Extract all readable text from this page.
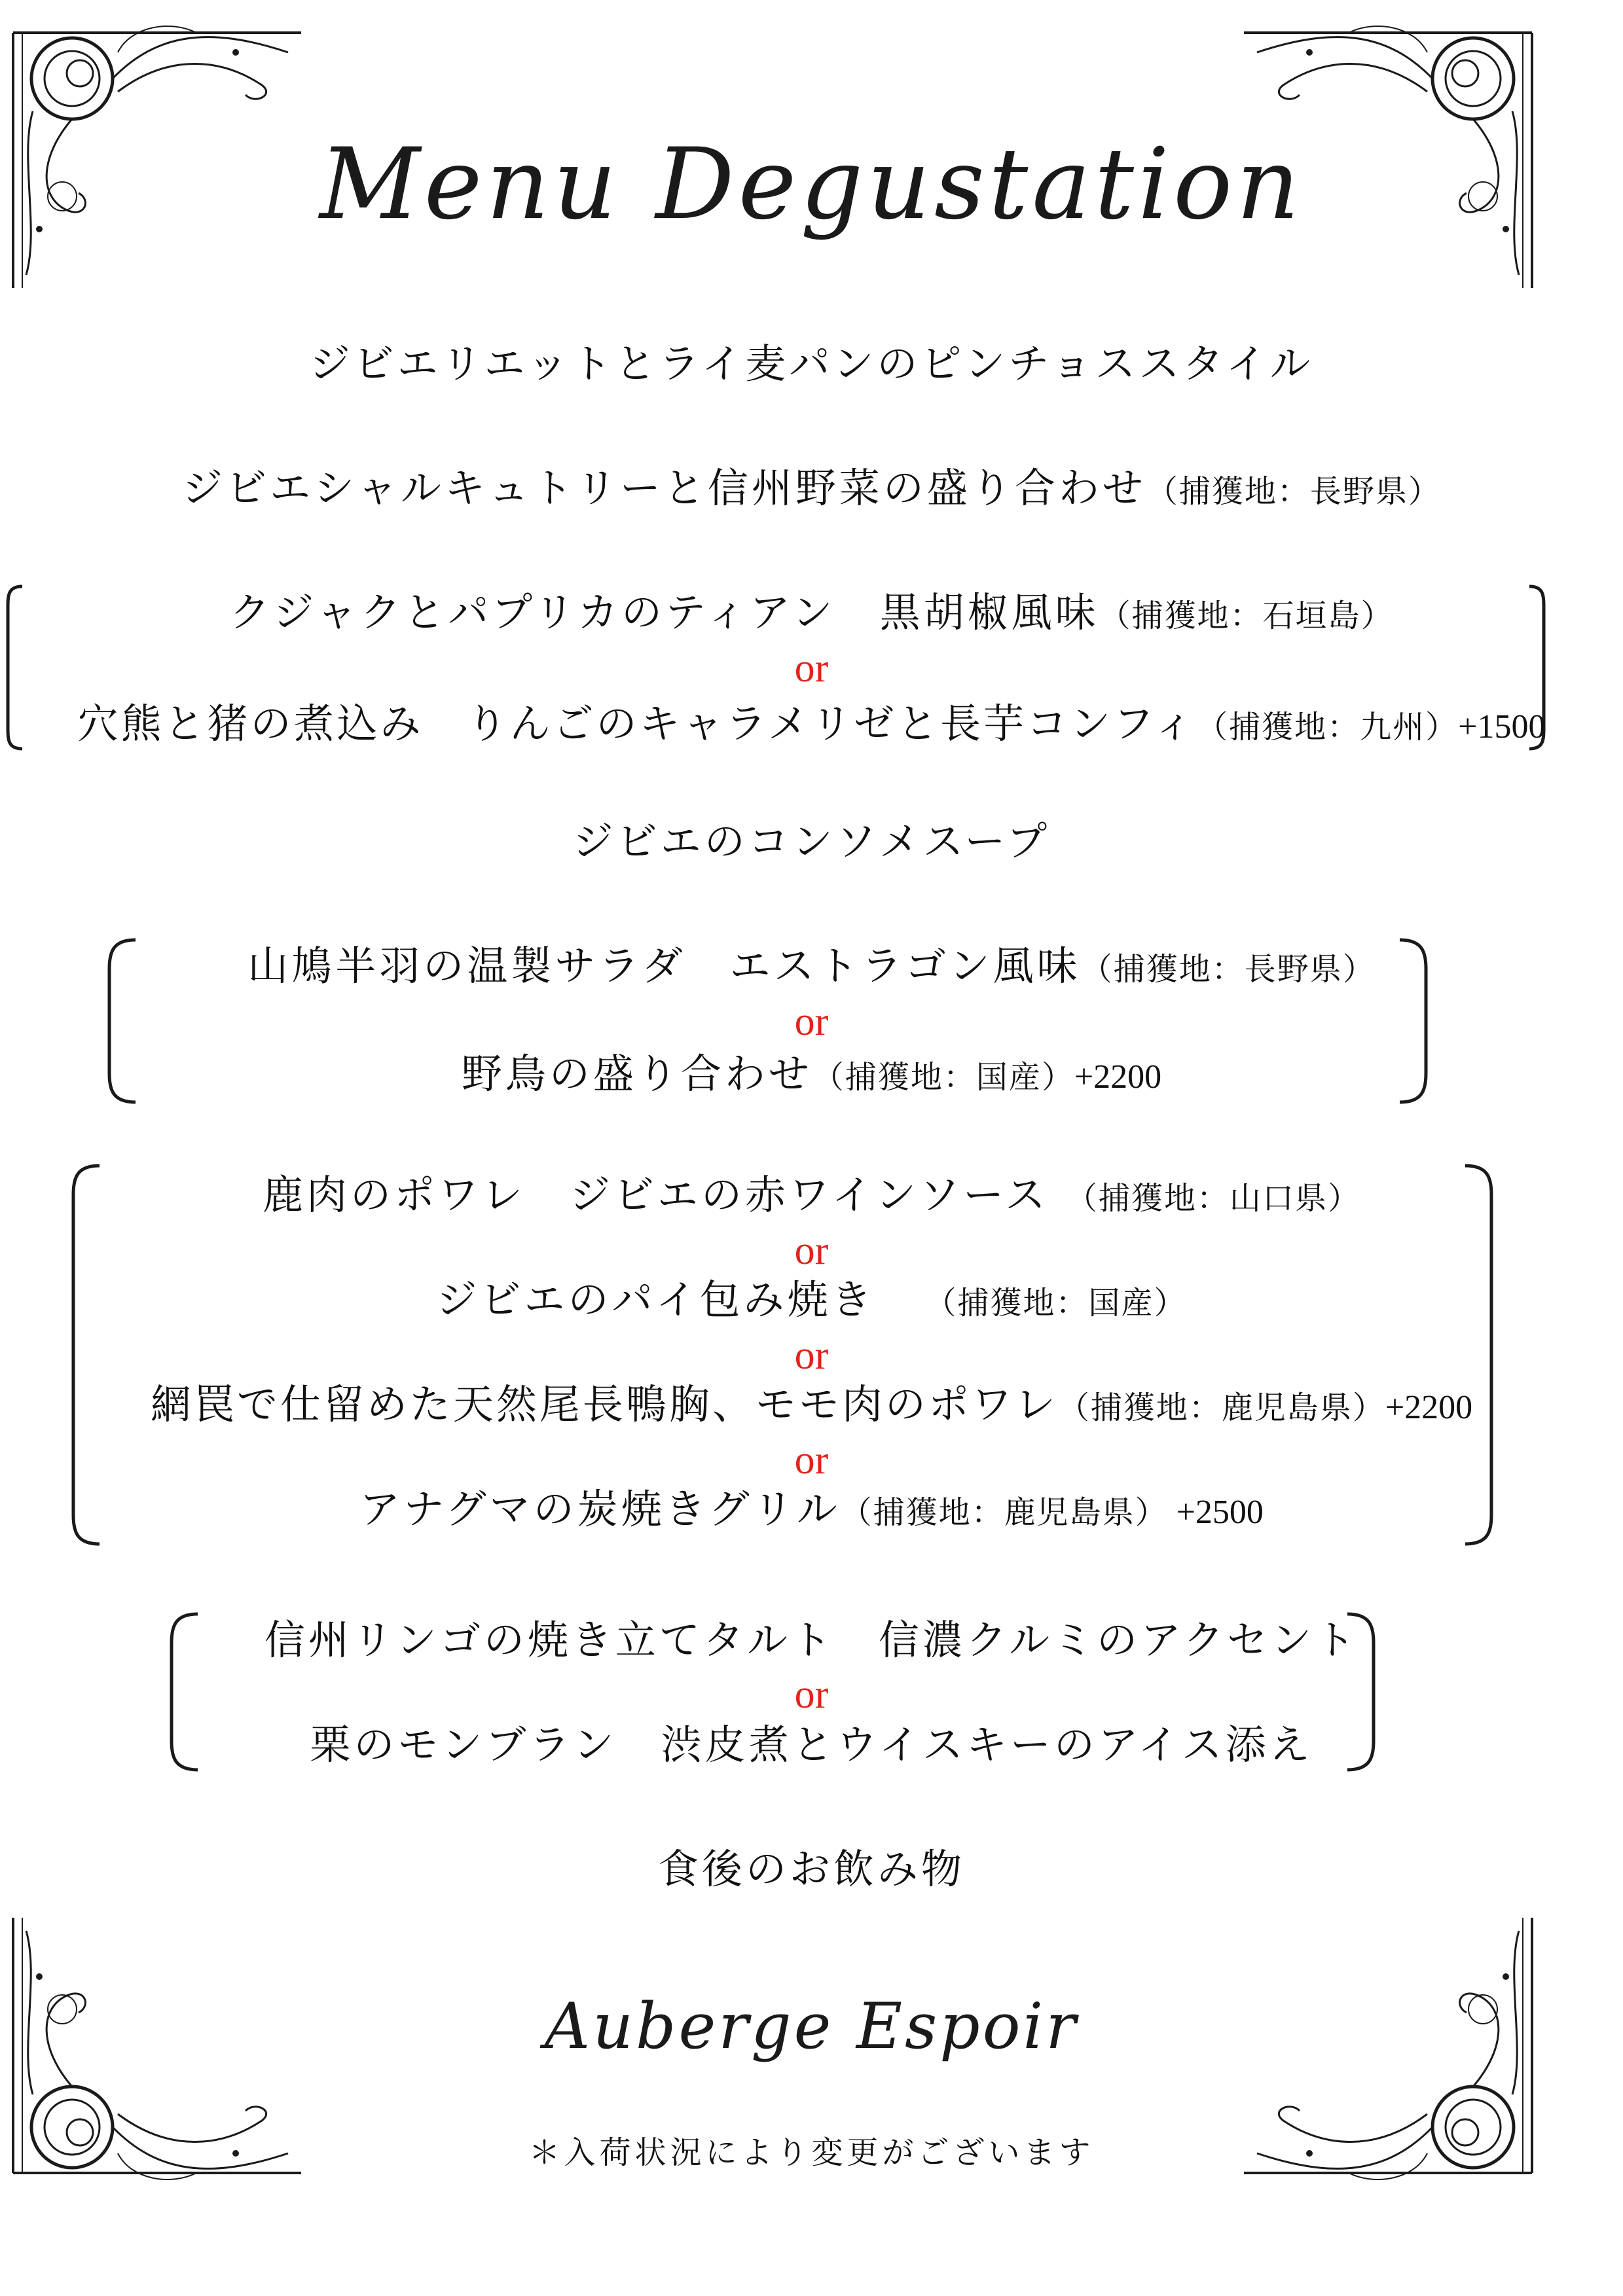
Menu Degustation
ジビエリエットとライ麦パンのピンチョススタイル
ジビエシャルキュトリーと信州野菜の盛り合わせ（捕獲地：長野県）
クジャクとパプリカのティアン　黒胡椒風味（捕獲地：石垣島）
or
穴熊と猪の煮込み　りんごのキャラメリゼと長芋コンフィ（捕獲地：九州）+1500
ジビエのコンソメスープ
山鳩半羽の温製サラダ　エストラゴン風味（捕獲地：長野県）
or
野鳥の盛り合わせ（捕獲地：国産）+2200
鹿肉のポワレ　ジビエの赤ワインソース　（捕獲地：山口県）
or
ジビエのパイ包み焼き　　（捕獲地：国産）
or
網罠で仕留めた天然尾長鴨胸、モモ肉のポワレ（捕獲地：鹿児島県）+2200
or
アナグマの炭焼きグリル（捕獲地：鹿児島県） +2500
信州リンゴの焼き立てタルト　信濃クルミのアクセント
or
栗のモンブラン　渋皮煮とウイスキーのアイス添え
食後のお飲み物
Auberge Espoir
＊入荷状況により変更がございます
